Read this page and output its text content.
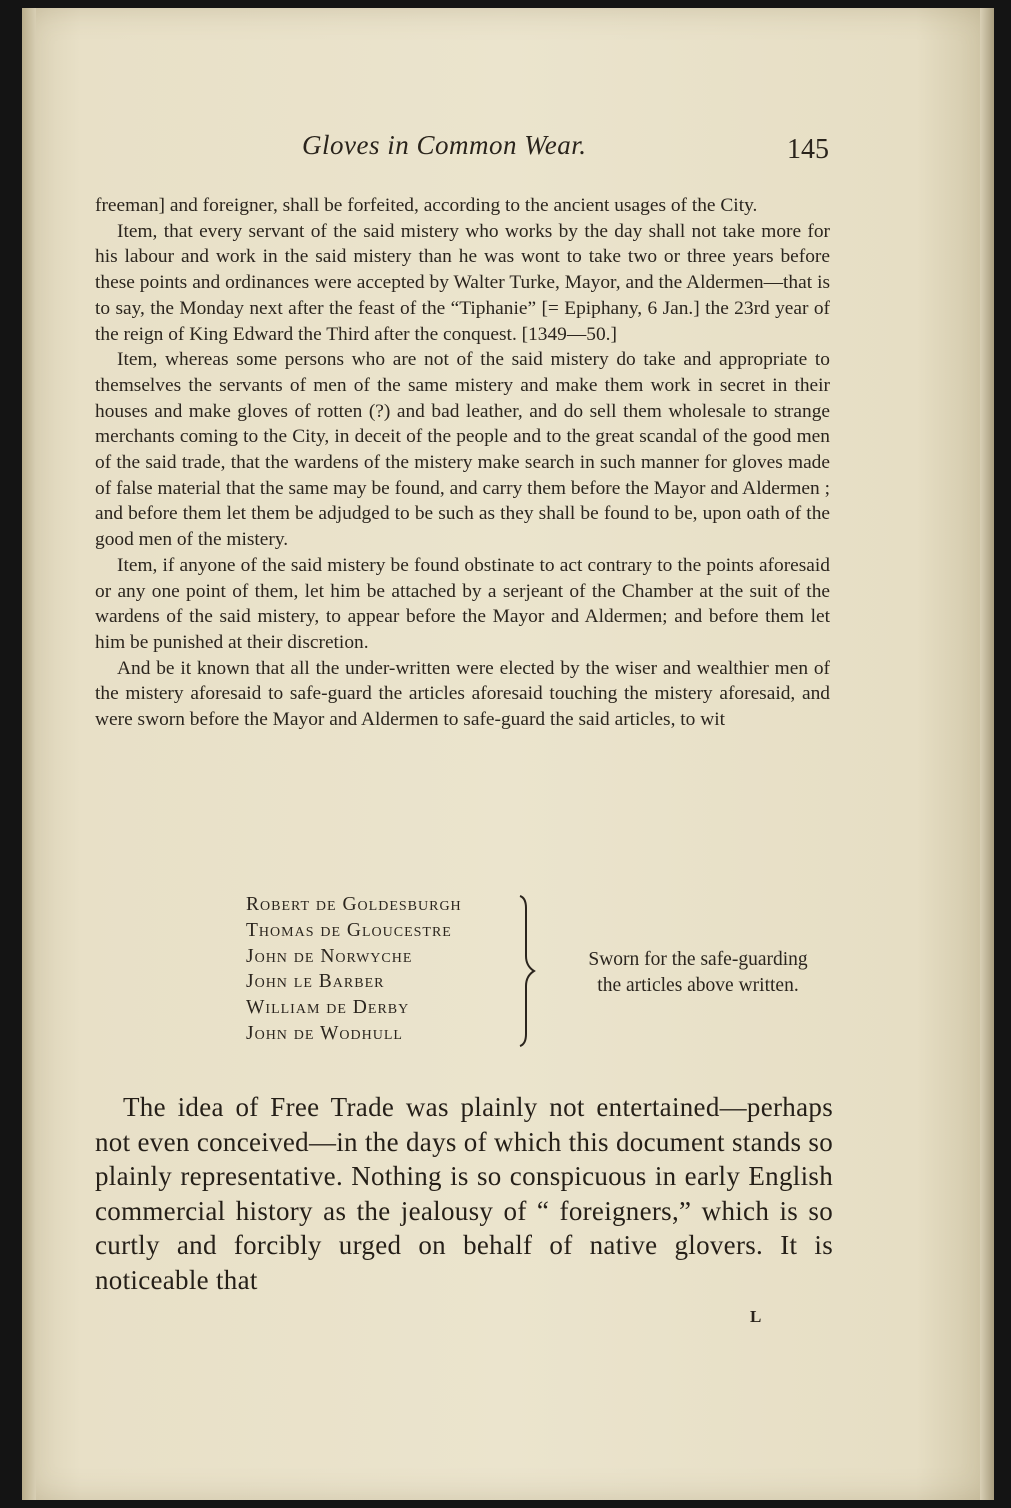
Gloves in Common Wear.	145

freeman] and foreigner, shall be forfeited, according to the ancient usages of the City.

Item, that every servant of the said mistery who works by the day shall not take more for his labour and work in the said mistery than he was wont to take two or three years before these points and ordinances were accepted by Walter Turke, Mayor, and the Aldermen—that is to say, the Monday next after the feast of the “Tiphanie” [= Epiphany, 6 Jan.] the 23rd year of the reign of King Edward the Third after the conquest. [1349—50.]

Item, whereas some persons who are not of the said mistery do take and appropriate to themselves the servants of men of the same mistery and make them work in secret in their houses and make gloves of rotten (?) and bad leather, and do sell them wholesale to strange merchants coming to the City, in deceit of the people and to the great scandal of the good men of the said trade, that the wardens of the mistery make search in such manner for gloves made of false material that the same may be found, and carry them before the Mayor and Aldermen ; and before them let them be adjudged to be such as they shall be found to be, upon oath of the good men of the mistery.

Item, if anyone of the said mistery be found obstinate to act contrary to the points aforesaid or any one point of them, let him be attached by a serjeant of the Chamber at the suit of the wardens of the said mistery, to appear before the Mayor and Aldermen; and before them let him be punished at their discretion.

And be it known that all the under-written were elected by the wiser and wealthier men of the mistery aforesaid to safe-guard the articles aforesaid touching the mistery aforesaid, and were sworn before the Mayor and Aldermen to safe-guard the said articles, to wit

Robert de Goldesburgh
Thomas de Gloucestre
John de Norwyche
John le Barber
William de Derby
John de Wodhull
Sworn for the safe-guarding
the articles above written.

The idea of Free Trade was plainly not entertained—perhaps not even conceived—in the days of which this document stands so plainly representative. Nothing is so conspicuous in early English commercial history as the jealousy of “ foreigners,” which is so curtly and forcibly urged on behalf of native glovers. It is noticeable that

L
